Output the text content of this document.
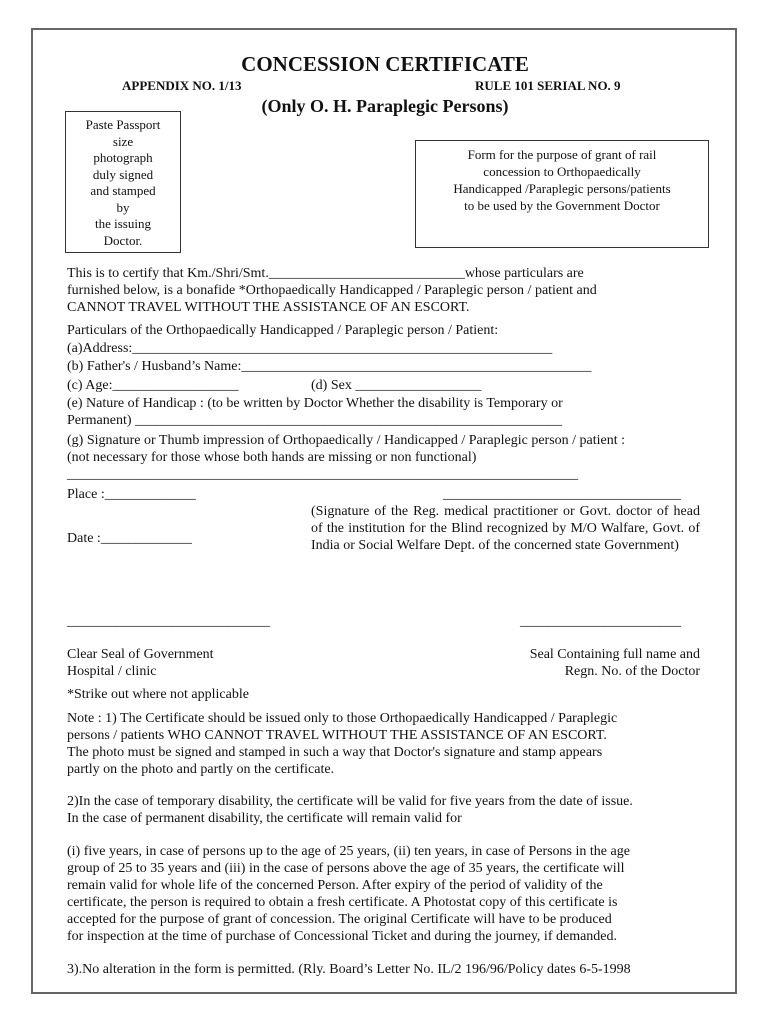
CONCESSION CERTIFICATE
APPENDIX NO. 1/13	RULE 101 SERIAL NO. 9
(Only O. H. Paraplegic Persons)
Paste Passport
size
photograph
duly signed
and stamped
by
the issuing
Doctor.
Form for the purpose of grant of rail
concession to Orthopaedically
Handicapped /Paraplegic persons/patients
to be used by the Government Doctor
This is to certify that Km./Shri/Smt.____________________________whose particulars are
furnished below, is a bonafide *Orthopaedically Handicapped / Paraplegic person / patient and
CANNOT TRAVEL WITHOUT THE ASSISTANCE OF AN ESCORT.
Particulars of the Orthopaedically Handicapped / Paraplegic person / Patient:
(a)Address:____________________________________________________________
(b) Father's / Husband’s Name:__________________________________________________
(c) Age:__________________	(d) Sex __________________
(e) Nature of Handicap : (to be written by Doctor Whether the disability is Temporary or
Permanent) _____________________________________________________________
(g) Signature or Thumb impression of Orthopaedically / Handicapped / Paraplegic person / patient :
(not necessary for those whose both hands are missing or non functional)
_________________________________________________________________________
Place :_____________
Date :_____________
__________________________________
(Signature of the Reg. medical practitioner or Govt. doctor of head of the institution for the Blind recognized by M/O Walfare, Govt. of India or Social Welfare Dept. of the concerned state Government)
_____________________________	_______________________
Clear Seal of Government
Hospital / clinic
Seal Containing full name and
Regn. No. of the Doctor
*Strike out where not applicable
Note : 1) The Certificate should be issued only to those Orthopaedically Handicapped / Paraplegic
persons / patients WHO CANNOT TRAVEL WITHOUT THE ASSISTANCE OF AN ESCORT.
The photo must be signed and stamped in such a way that Doctor's signature and stamp appears
partly on the photo and partly on the certificate.
2)In the case of temporary disability, the certificate will be valid for five years from the date of issue.
In the case of permanent disability, the certificate will remain valid for
(i) five years, in case of persons up to the age of 25 years, (ii) ten years, in case of Persons in the age
group of 25 to 35 years and (iii) in the case of persons above the age of 35 years, the certificate will
remain valid for whole life of the concerned Person. After expiry of the period of validity of the
certificate, the person is required to obtain a fresh certificate. A Photostat copy of this certificate is
accepted for the purpose of grant of concession. The original Certificate will have to be produced
for inspection at the time of purchase of Concessional Ticket and during the journey, if demanded.
3).No alteration in the form is permitted. (Rly. Board’s Letter No. IL/2 196/96/Policy dates 6-5-1998
